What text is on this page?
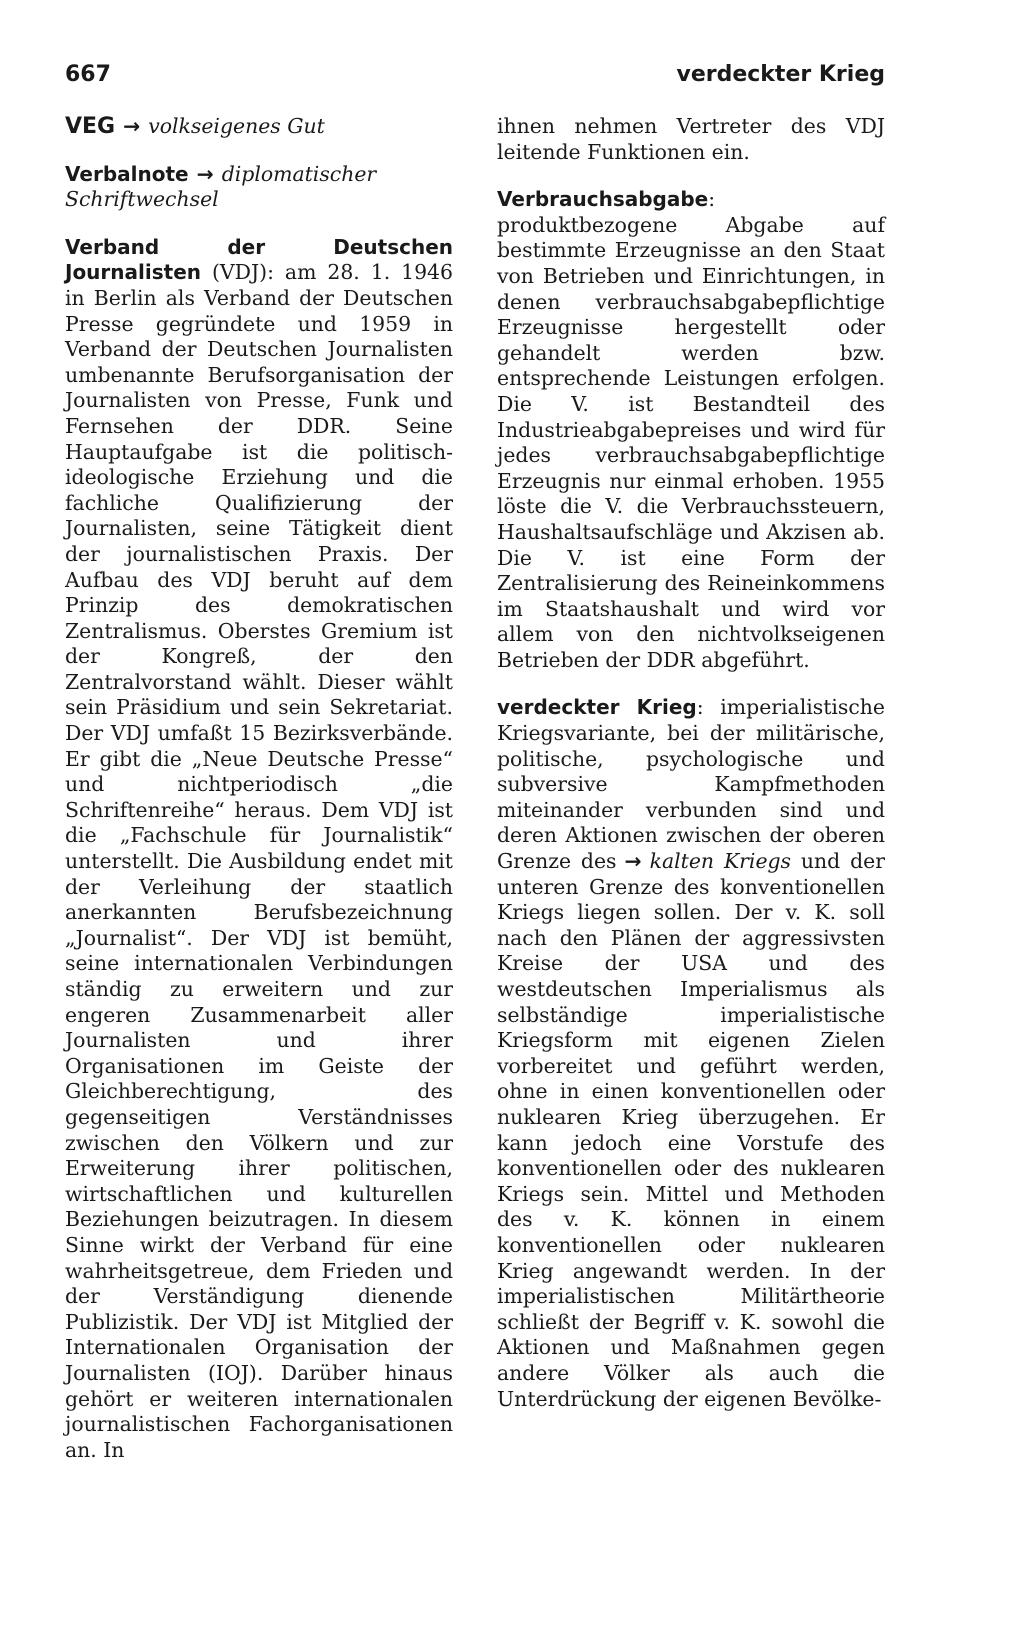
667	verdeckter Krieg

VEG → volkseigenes Gut

Verbalnote → diplomatischer Schriftwechsel

Verband der Deutschen Journalisten (VDJ): am 28. 1. 1946 in Berlin als Verband der Deutschen Presse gegründete und 1959 in Verband der Deutschen Journalisten umbenannte Berufsorganisation der Journalisten von Presse, Funk und Fernsehen der DDR. Seine Hauptaufgabe ist die politisch-ideologische Erziehung und die fachliche Qualifizierung der Journalisten, seine Tätigkeit dient der journalistischen Praxis. Der Aufbau des VDJ beruht auf dem Prinzip des demokratischen Zentralismus. Oberstes Gremium ist der Kongreß, der den Zentralvorstand wählt. Dieser wählt sein Präsidium und sein Sekretariat. Der VDJ umfaßt 15 Bezirksverbände. Er gibt die „Neue Deutsche Presse“ und nichtperiodisch „die Schriftenreihe“ heraus. Dem VDJ ist die „Fachschule für Journalistik“ unterstellt. Die Ausbildung endet mit der Verleihung der staatlich anerkannten Berufsbezeichnung „Journalist“. Der VDJ ist bemüht, seine internationalen Verbindungen ständig zu erweitern und zur engeren Zusammenarbeit aller Journalisten und ihrer Organisationen im Geiste der Gleichberechtigung, des gegenseitigen Verständnisses zwischen den Völkern und zur Erweiterung ihrer politischen, wirtschaftlichen und kulturellen Beziehungen beizutragen. In diesem Sinne wirkt der Verband für eine wahrheitsgetreue, dem Frieden und der Verständigung dienende Publizistik. Der VDJ ist Mitglied der Internationalen Organisation der Journalisten (IOJ). Darüber hinaus gehört er weiteren internationalen journalistischen Fachorganisationen an. In

ihnen nehmen Vertreter des VDJ leitende Funktionen ein.

Verbrauchsabgabe: produktbezogene Abgabe auf bestimmte Erzeugnisse an den Staat von Betrieben und Einrichtungen, in denen verbrauchsabgabepflichtige Erzeugnisse hergestellt oder gehandelt werden bzw. entsprechende Leistungen erfolgen. Die V. ist Bestandteil des Industrieabgabepreises und wird für jedes verbrauchsabgabepflichtige Erzeugnis nur einmal erhoben. 1955 löste die V. die Verbrauchssteuern, Haushaltsaufschläge und Akzisen ab. Die V. ist eine Form der Zentralisierung des Reineinkommens im Staatshaushalt und wird vor allem von den nichtvolkseigenen Betrieben der DDR abgeführt.

verdeckter Krieg: imperialistische Kriegsvariante, bei der militärische, politische, psychologische und subversive Kampfmethoden miteinander verbunden sind und deren Aktionen zwischen der oberen Grenze des → kalten Kriegs und der unteren Grenze des konventionellen Kriegs liegen sollen. Der v. K. soll nach den Plänen der aggressivsten Kreise der USA und des westdeutschen Imperialismus als selbständige imperialistische Kriegsform mit eigenen Zielen vorbereitet und geführt werden, ohne in einen konventionellen oder nuklearen Krieg überzugehen. Er kann jedoch eine Vorstufe des konventionellen oder des nuklearen Kriegs sein. Mittel und Methoden des v. K. können in einem konventionellen oder nuklearen Krieg angewandt werden. In der imperialistischen Militärtheorie schließt der Begriff v. K. sowohl die Aktionen und Maßnahmen gegen andere Völker als auch die Unterdrückung der eigenen Bevölke-
